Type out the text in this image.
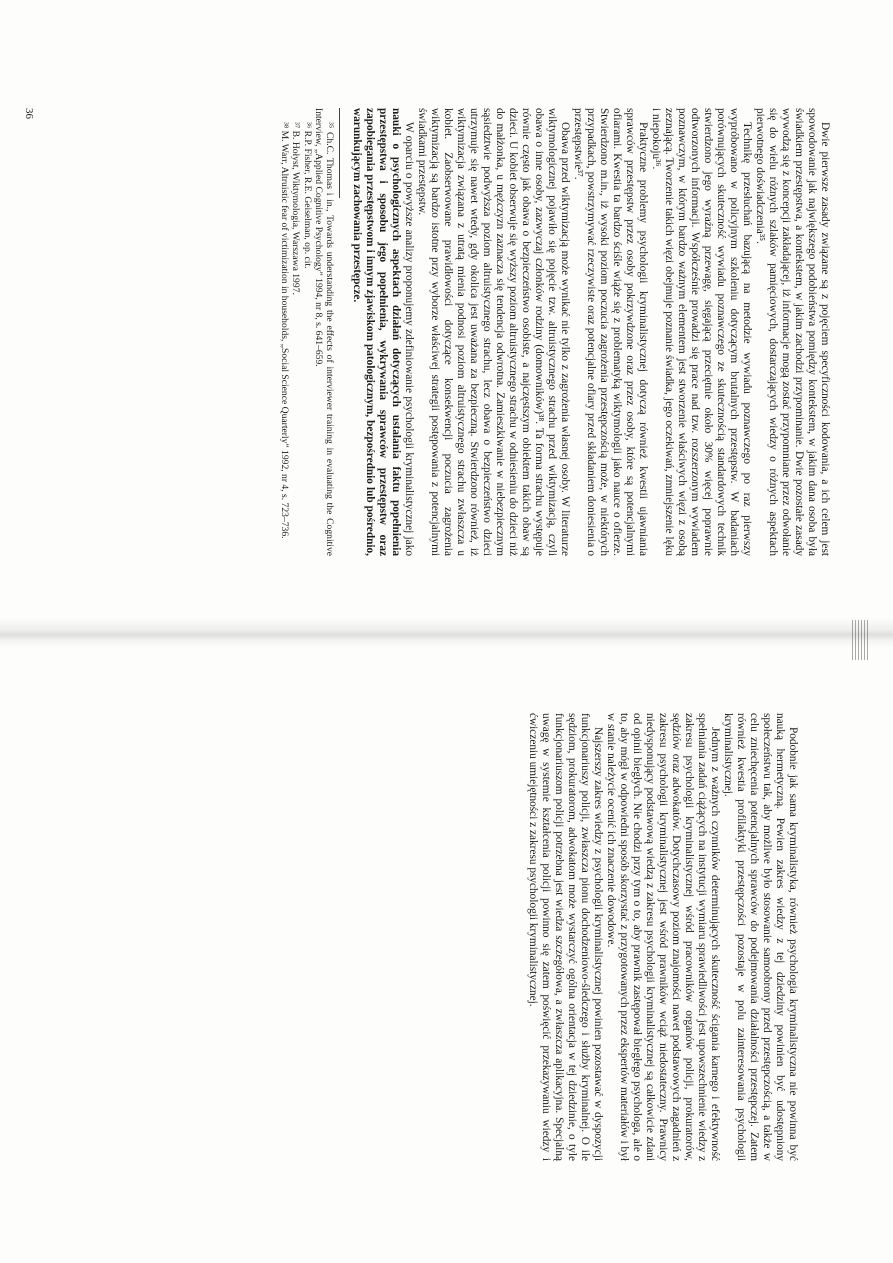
Dwie pierwsze zasady związane są z pojęciem specyficzności kodowania, a ich celem jest spowodowanie jak największego podobieństwa pomiędzy kontekstem, w jakim dana osoba była świadkiem przestępstwa, a kontekstem, w jakim zachodzi przypominanie. Dwie pozostałe zasady wywodzą się z koncepcji zakładającej, iż informacje mogą zostać przypomniane przez odwołanie się do wielu różnych szlaków pamięciowych, dostarczających wiedzy o różnych aspektach pierwotnego doświadczenia³⁵.

Technikę przesłuchań bazującą na metodzie wywiadu poznawczego po raz pierwszy wypróbowano w policyjnym szkoleniu dotyczącym brutalnych przestępstw. W badaniach porównujących skuteczność wywiadu poznawczego ze skutecznością standardowych technik stwierdzono jego wyraźną przewagę, sięgającą przeciętnie około 30% więcej poprawnie odtworzonych informacji. Współcześnie prowadzi się prace nad tzw. rozszerzonym wywiadem poznawczym, w którym bardzo ważnym elementem jest stworzenie właściwych więzi z osobą zeznającą. Tworzenie takich więzi obejmuje poznanie świadka, jego oczekiwań, zmniejszenie lęku i niepokoju³⁶.

Praktyczne problemy psychologii kryminalistycznej dotyczą również kwestii ujawniania sprawców przestępstw przez osoby pokrzywdzone oraz przez osoby, które są potencjalnymi ofiarami. Kwestia ta bardzo ściśle wiąże się z problematyką wiktymologii jako nauce o ofierze. Stwierdzono m.in., iż wysoki poziom poczucia zagrożenia przestępczością może, w niektórych przypadkach, powstrzymywać rzeczywiste oraz potencjalne ofiary przed składaniem doniesienia o przestępstwie³⁷.

Obawa przed wiktymizacją może wynikać nie tylko z zagrożenia własnej osoby. W literaturze wiktymologicznej pojawiło się pojęcie tzw. altruistycznego strachu przed wiktymizacją, czyli obawa o inne osoby, zazwyczaj członków rodziny (domowników)³⁸. Ta forma strachu występuje równie często jak obawa o bezpieczeństwo osobiste, a najczęstszym obiektem takich obaw są dzieci. U kobiet obserwuje się wyższy poziom altruistycznego strachu w odniesieniu do dzieci niż do małżonka, u mężczyzn zaznacza się tendencja odwrotna. Zamieszkiwanie w niebezpiecznym sąsiedztwie podwyższa poziom altruistycznego strachu, lecz obawa o bezpieczeństwo dzieci utrzymuje się nawet wtedy, gdy okolica jest uważana za bezpieczną. Stwierdzono również, iż wiktymizacja związana z utratą mienia podnosi poziom altruistycznego strachu zwłaszcza u kobiet. Zaobserwowane prawidłowości dotyczące konsekwencji poczucia zagrożenia wiktymizacją są bardzo istotne przy wyborze właściwej strategii postępowania z potencjalnymi świadkami przestępstw.

W oparciu o powyższe analizy proponujemy zdefiniowanie psychologii kryminalistycznej jako nauki o psychologicznych aspektach działań dotyczących ustalania faktu popełnienia przestępstwa i sposobu jego popełnienia, wykrywania sprawców przestępstw oraz zapobiegania przestępstwom i innym zjawiskom patologicznym, bezpośrednio lub pośrednio, warunkującym zachowania przestępcze.

³⁵ Ch.C. Thomas i in., Towards understanding the effects of interviewer training in evaluating the Cognitive Interview, „Applied Cognitive Psychology” 1994, nr 8, s. 641–659.
³⁶ R.P. Fisher, R.E. Geiselman, op. cit.
³⁷ B. Hołyst, Wiktymologia, Warszawa 1997.
³⁸ M. Warr, Altruistic fear of victimization in households, „Social Science Quarterly” 1992, nr 4, s. 723–736.
36

Podobnie jak sama kryminalistyka, również psychologia kryminalistyczna nie powinna być nauką hermetyczną. Pewien zakres wiedzy z tej dziedziny powinien być udostępniony społeczeństwu tak, aby możliwe było stosowanie samoobrony przed przestępczością, a także w celu zniechęcenia potencjalnych sprawców do podejmowania działalności przestępczej. Zatem również kwestia profilaktyki przestępczości pozostaje w polu zainteresowania psychologii kryminalistycznej.

Jednym z ważnych czynników determinujących skuteczność ścigania karnego i efektywność spełniania zadań ciążących na instytucji wymiaru sprawiedliwości jest upowszechnienie wiedzy z zakresu psychologii kryminalistycznej wśród pracowników organów policji, prokuratorów, sędziów oraz adwokatów. Dotychczasowy poziom znajomości nawet podstawowych zagadnień z zakresu psychologii kryminalistycznej jest wśród prawników wciąż niedostateczny. Prawnicy niedysponujący podstawową wiedzą z zakresu psychologii kryminalistycznej są całkowicie zdani od opinii biegłych. Nie chodzi przy tym o to, aby prawnik zastępował biegłego psychologa, ale o to, aby mógł w odpowiedni sposób skorzystać z przygotowanych przez ekspertów materiałów i był w stanie należycie ocenić ich znaczenie dowodowe.

Najszerszy zakres wiedzy z psychologii kryminalistycznej powinien pozostawać w dyspozycji funkcjonariuszy policji, zwłaszcza pionu dochodzeniowo-śledczego i służby kryminalnej. O ile sędziom, prokuratorom, adwokatom może wystarczyć ogólna orientacja w tej dziedzinie, o tyle funkcjonariuszom policji potrzebna jest wiedza szczegółowa, a zwłaszcza aplikacyjna. Specjalną uwagę w systemie kształcenia policji powinno się zatem poświęcić przekazywaniu wiedzy i ćwiczeniu umiejętności z zakresu psychologii kryminalistycznej.
